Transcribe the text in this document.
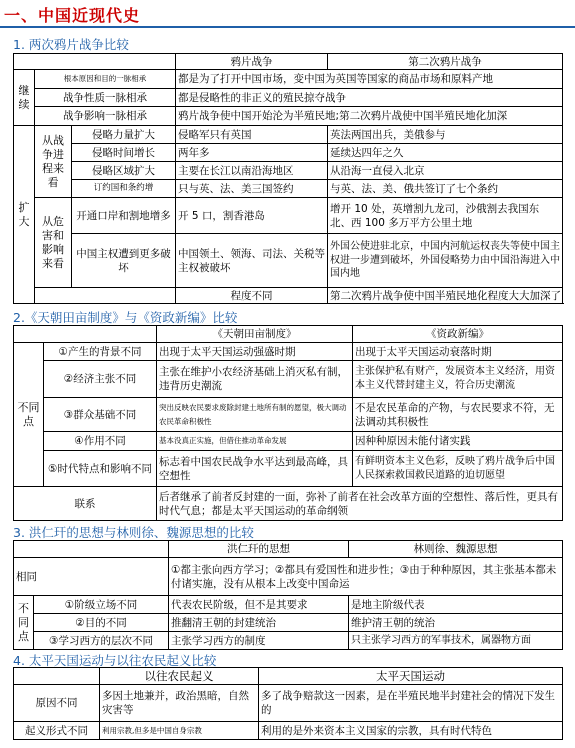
一、中国近现代史
1. 两次鸦片战争比较
			鸦片战争	第二次鸦片战争
继续	根本原因和目的一脉相承		都是为了打开中国市场，变中国为英国等国家的商品市场和原料产地	
	战争性质一脉相承		都是侵略性的非正义的殖民掠夺战争	
	战争影响一脉相承		鸦片战争使中国开始沦为半殖民地;第二次鸦片战使中国半殖民地化加深	
扩大	从战争进程来看	侵略力量扩大	侵略军只有英国	英法两国出兵，美俄参与
		侵略时间增长	两年多	延续达四年之久
		侵略区域扩大	主要在长江以南沿海地区	从沿海一直侵入北京
		订约国和条约增	只与英、法、美三国签约	与英、法、美、俄共签订了七个条约
	从危害和影响来看	开通口岸和割地增多	开 5 口，割香港岛	增开 10 处，英增割九龙司，沙俄割去我国东北、西 100 多万平方公里土地
		中国主权遭到更多破坏	中国领土、领海、司法、关税等主权被破坏	外国公使进驻北京，中国内河航运权丧失等使中国主权进一步遭到破坏，外国侵略势力由中国沿海进入中国内地
			程度不同	第二次鸦片战争使中国半殖民地化程度大大加深了
2.《天朝田亩制度》与《资政新编》比较
		《天朝田亩制度》	《资政新编》
不同点	①产生的背景不同	出现于太平天国运动强盛时期	出现于太平天国运动衰落时期
	②经济主张不同	主张在维护小农经济基础上消灭私有制，违背历史潮流	主张保护私有财产，发展资本主义经济，用资本主义代替封建主义，符合历史潮流
	③群众基础不同	突出反映农民要求废除封建土地所有制的愿望，极大调动农民革命积极性	不是农民革命的产物，与农民要求不符，无法调动其积极性
	④作用不同	基本没真正实施，但借住推动革命发展	因种种原因未能付诸实践
	⑤时代特点和影响不同	标志着中国农民战争水平达到最高峰，具空想性	有鲜明资本主义色彩，反映了鸦片战争后中国人民探索救国救民道路的迫切愿望
联系		后者继承了前者反封建的一面，弥补了前者在社会改革方面的空想性、落后性，更具有时代气息；都是太平天国运动的革命纲领	
3. 洪仁玕的思想与林则徐、魏源思想的比较
		洪仁玕的思想	林则徐、魏源思想
相同		①都主张向西方学习；②都具有爱国性和进步性；③由于种种原因，其主张基本都未付诸实施，没有从根本上改变中国命运	
不同点	①阶级立场不同	代表农民阶级，但不是其要求	是地主阶级代表
	②目的不同	推翻清王朝的封建统治	维护清王朝的统治
	③学习西方的层次不同	主张学习西方的制度	只主张学习西方的军事技术，属器物方面
4. 太平天国运动与以往农民起义比较
	以往农民起义	太平天国运动
原因不同	多因土地兼并，政治黑暗，自然灾害等	多了战争赔款这一因素，是在半殖民地半封建社会的情况下发生的
起义形式不同	利用宗教,但多是中国自身宗教	利用的是外来资本主义国家的宗教，具有时代特色
